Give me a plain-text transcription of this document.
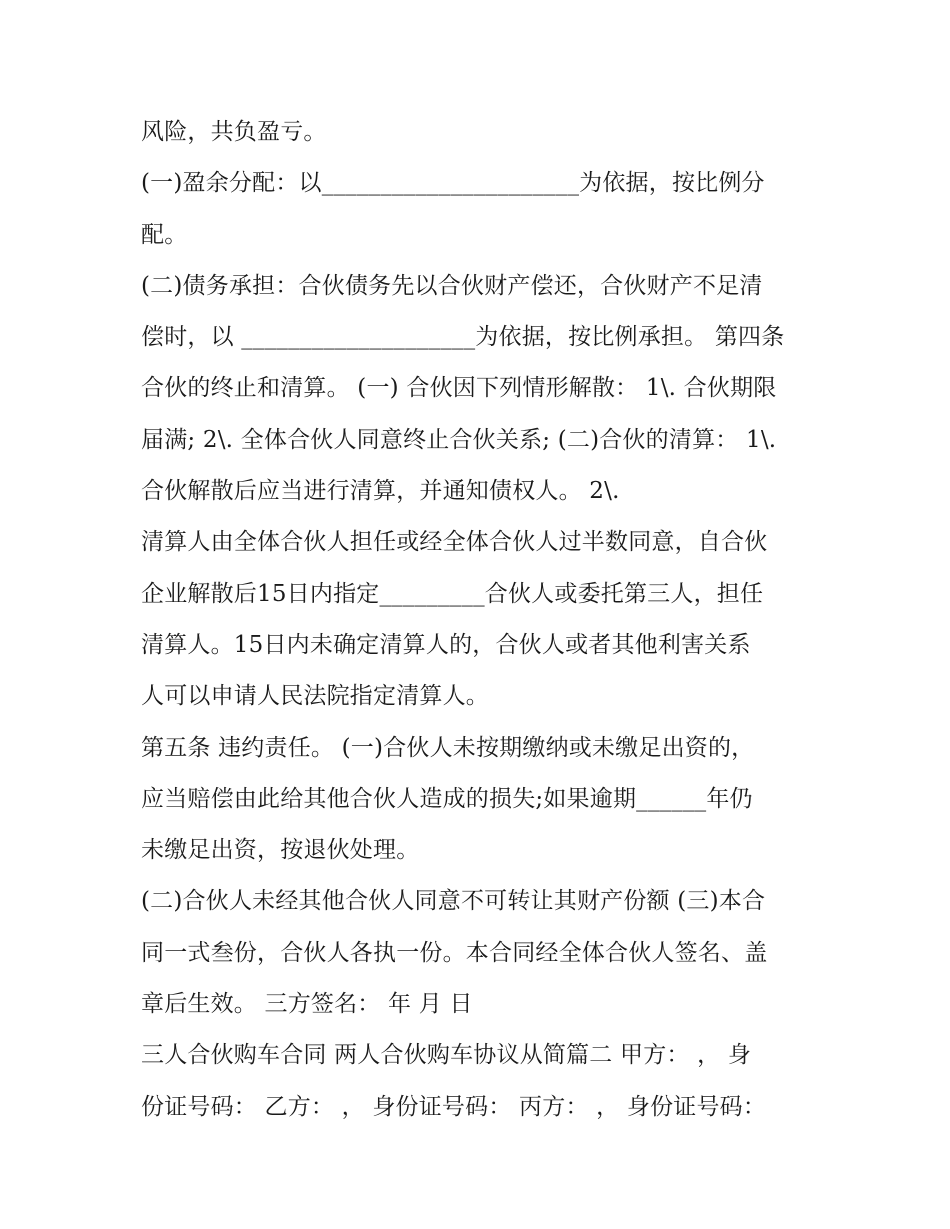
风险，共负盈亏。
(一)盈余分配：以______________________为依据，按比例分
配。
(二)债务承担：合伙债务先以合伙财产偿还，合伙财产不足清
偿时，以 ____________________为依据，按比例承担。 第四条
合伙的终止和清算。 (一) 合伙因下列情形解散： 1\. 合伙期限
届满; 2\. 全体合伙人同意终止合伙关系; (二)合伙的清算： 1\.
合伙解散后应当进行清算，并通知债权人。 2\.
清算人由全体合伙人担任或经全体合伙人过半数同意，自合伙
企业解散后15日内指定_________合伙人或委托第三人，担任
清算人。15日内未确定清算人的，合伙人或者其他利害关系
人可以申请人民法院指定清算人。
第五条 违约责任。 (一)合伙人未按期缴纳或未缴足出资的，
应当赔偿由此给其他合伙人造成的损失;如果逾期______年仍
未缴足出资，按退伙处理。
(二)合伙人未经其他合伙人同意不可转让其财产份额 (三)本合
同一式叁份，合伙人各执一份。本合同经全体合伙人签名、盖
章后生效。 三方签名： 年 月 日
三人合伙购车合同 两人合伙购车协议从简篇二 甲方： ， 身
份证号码： 乙方： ， 身份证号码： 丙方： ， 身份证号码：
